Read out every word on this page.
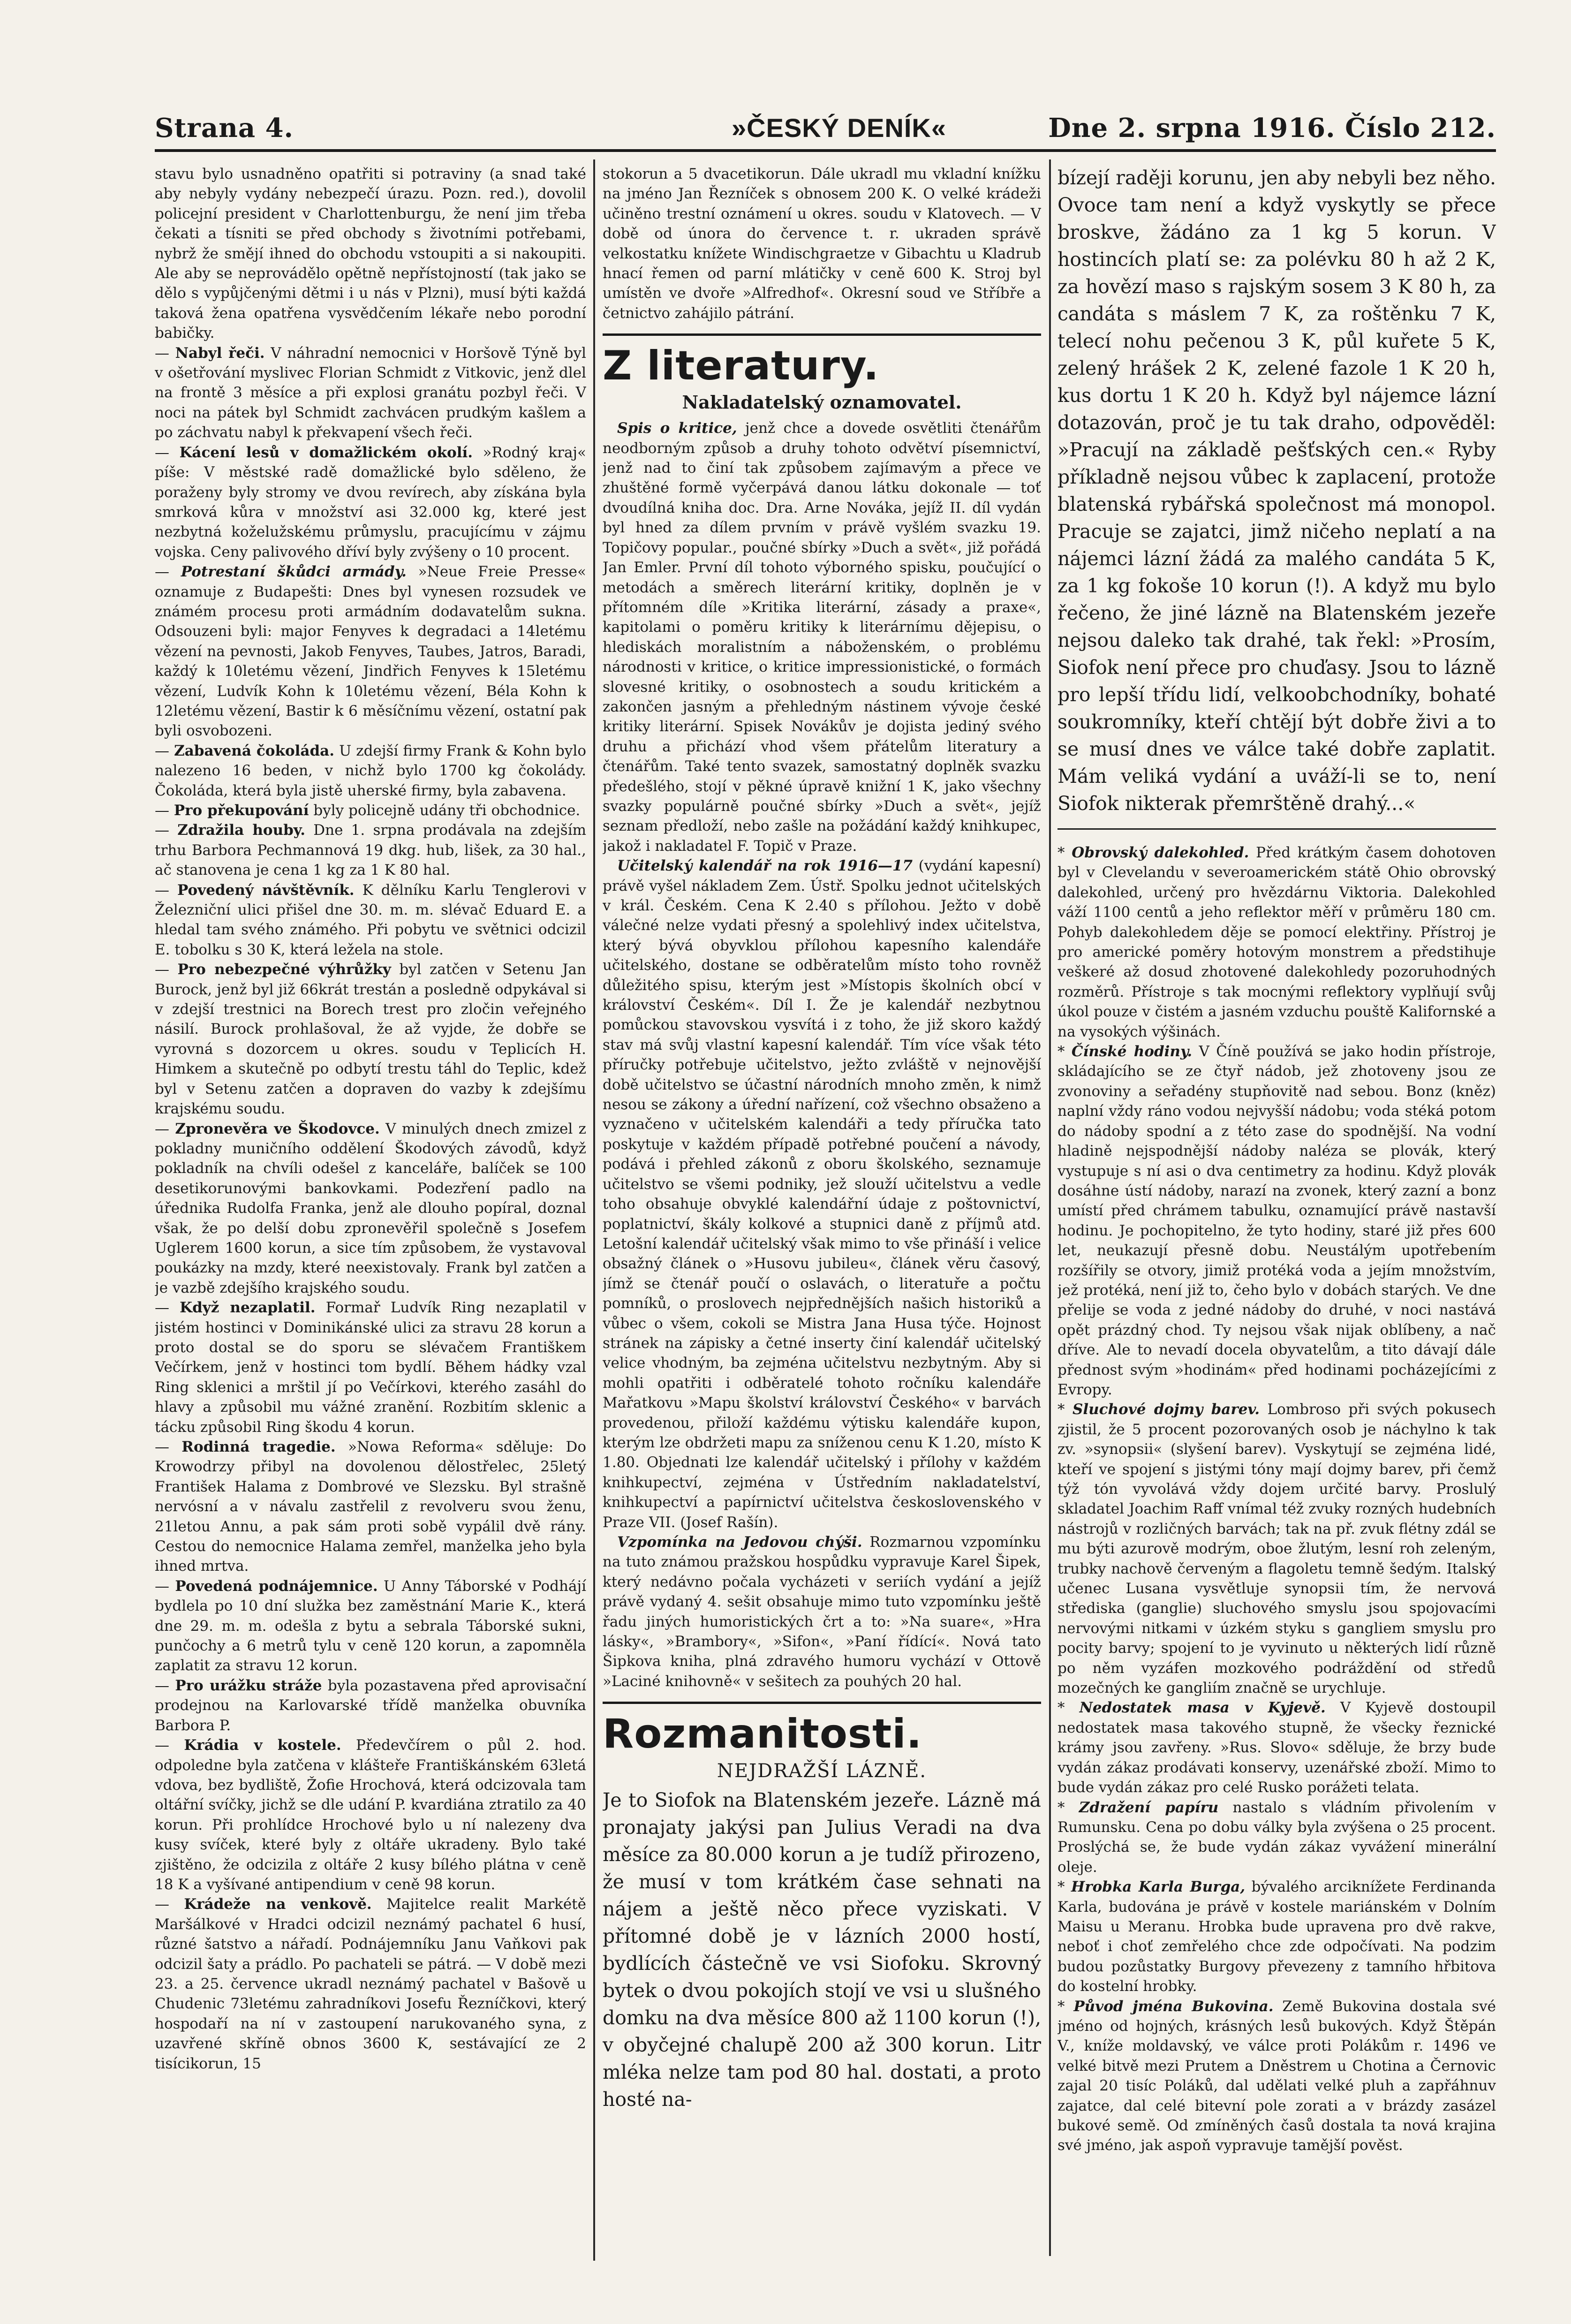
Strana 4.	»ČESKÝ DENÍK«	Dne 2. srpna 1916. Číslo 212.

stavu bylo usnadněno opatřiti si potraviny (a snad také aby nebyly vydány nebezpečí úrazu. Pozn. red.), dovolil policejní president v Charlottenburgu, že není jim třeba čekati a tísniti se před obchody s životními potřebami, nybrž že smějí ihned do obchodu vstoupiti a si nakoupiti. Ale aby se neprovádělo opětně nepřístojností (tak jako se dělo s vypůjčenými dětmi i u nás v Plzni), musí býti každá taková žena opatřena vysvědčením lékaře nebo porodní babičky.

— Nabyl řeči. V náhradní nemocnici v Horšově Týně byl v ošetřování myslivec Florian Schmidt z Vitkovic, jenž dlel na frontě 3 měsíce a při explosi granátu pozbyl řeči. V noci na pátek byl Schmidt zachvácen prudkým kašlem a po záchvatu nabyl k překvapení všech řeči.

— Kácení lesů v domažlickém okolí. »Rodný kraj« píše: V městské radě domažlické bylo sděleno, že poraženy byly stromy ve dvou revírech, aby získána byla smrková kůra v množství asi 32.000 kg, které jest nezbytná koželužskému průmyslu, pracujícímu v zájmu vojska. Ceny palivového dříví byly zvýšeny o 10 procent.

— Potrestaní škůdci armády. »Neue Freie Presse« oznamuje z Budapešti: Dnes byl vynesen rozsudek ve známém procesu proti armádním dodavatelům sukna. Odsouzeni byli: major Fenyves k degradaci a 14letému vězení na pevnosti, Jakob Fenyves, Taubes, Jatros, Baradi, každý k 10letému vězení, Jindřich Fenyves k 15letému vězení, Ludvík Kohn k 10letému vězení, Béla Kohn k 12letému vězení, Bastir k 6 měsíčnímu vězení, ostatní pak byli osvobozeni.

— Zabavená čokoláda. U zdejší firmy Frank & Kohn bylo nalezeno 16 beden, v nichž bylo 1700 kg čokolády. Čokoláda, která byla jistě uherské firmy, byla zabavena.

— Pro překupování byly policejně udány tři obchodnice.

— Zdražila houby. Dne 1. srpna prodávala na zdejším trhu Barbora Pechmannová 19 dkg. hub, lišek, za 30 hal., ač stanovena je cena 1 kg za 1 K 80 hal.

— Povedený návštěvník. K dělníku Karlu Tenglerovi v Železniční ulici přišel dne 30. m. m. slévač Eduard E. a hledal tam svého známého. Při pobytu ve světnici odcizil E. tobolku s 30 K, která ležela na stole.

— Pro nebezpečné výhrůžky byl zatčen v Setenu Jan Burock, jenž byl již 66krát trestán a posledně odpykával si v zdejší trestnici na Borech trest pro zločin veřejného násilí. Burock prohlašoval, že až vyjde, že dobře se vyrovná s dozorcem u okres. soudu v Teplicích H. Himkem a skutečně po odbytí trestu táhl do Teplic, kdež byl v Setenu zatčen a dopraven do vazby k zdejšímu krajskému soudu.

— Zpronevěra ve Škodovce. V minulých dnech zmizel z pokladny muničního oddělení Škodových závodů, když pokladník na chvíli odešel z kanceláře, balíček se 100 desetikorunovými bankovkami. Podezření padlo na úřednika Rudolfa Franka, jenž ale dlouho popíral, doznal však, že po delší dobu zpronevěřil společně s Josefem Uglerem 1600 korun, a sice tím způsobem, že vystavoval poukázky na mzdy, které neexistovaly. Frank byl zatčen a je vazbě zdejšího krajského soudu.

— Když nezaplatil. Formař Ludvík Ring nezaplatil v jistém hostinci v Dominikánské ulici za stravu 28 korun a proto dostal se do sporu se slévačem Františkem Večírkem, jenž v hostinci tom bydlí. Během hádky vzal Ring sklenici a mrštil jí po Večírkovi, kterého zasáhl do hlavy a způsobil mu vážné zranění. Rozbitím sklenic a tácku způsobil Ring škodu 4 korun.

— Rodinná tragedie. »Nowa Reforma« sděluje: Do Krowodrzy přibyl na dovolenou dělostřelec, 25letý František Halama z Dombrové ve Slezsku. Byl strašně nervósní a v návalu zastřelil z revolveru svou ženu, 21letou Annu, a pak sám proti sobě vypálil dvě rány. Cestou do nemocnice Halama zemřel, manželka jeho byla ihned mrtva.

— Povedená podnájemnice. U Anny Táborské v Podhájí bydlela po 10 dní služka bez zaměstnání Marie K., která dne 29. m. m. odešla z bytu a sebrala Táborské sukni, punčochy a 6 metrů tylu v ceně 120 korun, a zapomněla zaplatit za stravu 12 korun.

— Pro urážku stráže byla pozastavena před aprovisační prodejnou na Karlovarské třídě manželka obuvníka Barbora P.

— Krádia v kostele. Předevčírem o půl 2. hod. odpoledne byla zatčena v klášteře Františkánském 63letá vdova, bez bydliště, Žofie Hrochová, která odcizovala tam oltářní svíčky, jichž se dle udání P. kvardiána ztratilo za 40 korun. Při prohlídce Hrochové bylo u ní nalezeny dva kusy svíček, které byly z oltáře ukradeny. Bylo také zjištěno, že odcizila z oltáře 2 kusy bílého plátna v ceně 18 K a vyšívané antipendium v ceně 98 korun.

— Krádeže na venkově. Majitelce realit Markétě Maršálkové v Hradci odcizil neznámý pachatel 6 husí, různé šatstvo a nářadí. Podnájemníku Janu Vaňkovi pak odcizil šaty a prádlo. Po pachateli se pátrá. — V době mezi 23. a 25. července ukradl neznámý pachatel v Bašově u Chudenic 73letému zahradníkovi Josefu Řezníčkovi, který hospodaří na ní v zastoupení narukovaného syna, z uzavřené skříně obnos 3600 K, sestávající ze 2 tisícikorun, 15

stokorun a 5 dvacetikorun. Dále ukradl mu vkladní knížku na jméno Jan Řezníček s obnosem 200 K. O velké krádeži učiněno trestní oznámení u okres. soudu v Klatovech. — V době od února do července t. r. ukraden správě velkostatku knížete Windischgraetze v Gibachtu u Kladrub hnací řemen od parní mlátičky v ceně 600 K. Stroj byl umístěn ve dvoře »Alfredhof«. Okresní soud ve Stříbře a četnictvo zahájilo pátrání.

Z literatury.
Nakladatelský oznamovatel.

 Spis o kritice, jenž chce a dovede osvětliti čtenářům neodborným způsob a druhy tohoto odvětví písemnictví, jenž nad to činí tak způsobem zajímavým a přece ve zhuštěné formě vyčerpává danou látku dokonale — toť dvoudílná kniha doc. Dra. Arne Nováka, jejíž II. díl vydán byl hned za dílem prvním v právě vyšlém svazku 19. Topičovy popular., poučné sbírky »Duch a svět«, již pořádá Jan Emler. První díl tohoto výborného spisku, poučující o metodách a směrech literární kritiky, doplněn je v přítomném díle »Kritika literární, zásady a praxe«, kapitolami o poměru kritiky k literárnímu dějepisu, o hlediskách moralistním a náboženském, o problému národnosti v kritice, o kritice impressionistické, o formách slovesné kritiky, o osobnostech a soudu kritickém a zakončen jasným a přehledným nástinem vývoje české kritiky literární. Spisek Novákův je dojista jediný svého druhu a přichází vhod všem přátelům literatury a čtenářům. Také tento svazek, samostatný doplněk svazku předešlého, stojí v pěkné úpravě knižní 1 K, jako všechny svazky populárně poučné sbírky »Duch a svět«, jejíž seznam předloží, nebo zašle na požádání každý knihkupec, jakož i nakladatel F. Topič v Praze.

 Učitelský kalendář na rok 1916—17 (vydání kapesní) právě vyšel nákladem Zem. Ústř. Spolku jednot učitelských v král. Českém. Cena K 2.40 s přílohou. Ježto v době válečné nelze vydati přesný a spolehlivý index učitelstva, který bývá obyvklou přílohou kapesního kalendáře učitelského, dostane se odběratelům místo toho rovněž důležitého spisu, kterým jest »Místopis školních obcí v království Českém«. Díl I. Že je kalendář nezbytnou pomůckou stavovskou vysvítá i z toho, že již skoro každý stav má svůj vlastní kapesní kalendář. Tím více však této příručky potřebuje učitelstvo, ježto zvláště v nejnovější době učitelstvo se účastní národních mnoho změn, k nimž nesou se zákony a úřední nařízení, což všechno obsaženo a vyznačeno v učitelském kalendáři a tedy příručka tato poskytuje v každém případě potřebné poučení a návody, podává i přehled zákonů z oboru školského, seznamuje učitelstvo se všemi podniky, jež slouží učitelstvu a vedle toho obsahuje obvyklé kalendářní údaje z poštovnictví, poplatnictví, škály kolkové a stupnici daně z příjmů atd. Letošní kalendář učitelský však mimo to vše přináší i velice obsažný článek o »Husovu jubileu«, článek věru časový, jímž se čtenář poučí o oslavách, o literatuře a počtu pomníků, o proslovech nejpřednějších našich historiků a vůbec o všem, cokoli se Mistra Jana Husa týče. Hojnost stránek na zápisky a četné inserty činí kalendář učitelský velice vhodným, ba zejména učitelstvu nezbytným. Aby si mohli opatřiti i odběratelé tohoto ročníku kalendáře Mařatkovu »Mapu školství království Českého« v barvách provedenou, přiloží každému výtisku kalendáře kupon, kterým lze obdržeti mapu za sníženou cenu K 1.20, místo K 1.80. Objednati lze kalendář učitelský i přílohy v každém knihkupectví, zejména v Ústředním nakladatelství, knihkupectví a papírnictví učitelstva československého v Praze VII. (Josef Rašín).

 Vzpomínka na Jedovou chýši. Rozmarnou vzpomínku na tuto známou pražskou hospůdku vypravuje Karel Šipek, který nedávno počala vycházeti v seriích vydání a jejíž právě vydaný 4. sešit obsahuje mimo tuto vzpomínku ještě řadu jiných humoristických črt a to: »Na suare«, »Hra lásky«, »Brambory«, »Sifon«, »Paní řídící«. Nová tato Šipkova kniha, plná zdravého humoru vychází v Ottově »Laciné knihovně« v sešitech za pouhých 20 hal.

Rozmanitosti.
NEJDRAŽŠÍ LÁZNĚ.

Je to Siofok na Blatenském jezeře. Lázně má pronajaty jakýsi pan Julius Veradi na dva měsíce za 80.000 korun a je tudíž přirozeno, že musí v tom krátkém čase sehnati na nájem a ještě něco přece vyziskati. V přítomné době je v lázních 2000 hostí, bydlících částečně ve vsi Siofoku. Skrovný bytek o dvou pokojích stojí ve vsi u slušného domku na dva měsíce 800 až 1100 korun (!), v obyčejné chalupě 200 až 300 korun. Litr mléka nelze tam pod 80 hal. dostati, a proto hosté na-

bízejí raději korunu, jen aby nebyli bez něho. Ovoce tam není a když vyskytly se přece broskve, žádáno za 1 kg 5 korun. V hostincích platí se: za polévku 80 h až 2 K, za hovězí maso s rajským sosem 3 K 80 h, za candáta s máslem 7 K, za roštěnku 7 K, telecí nohu pečenou 3 K, půl kuřete 5 K, zelený hrášek 2 K, zelené fazole 1 K 20 h, kus dortu 1 K 20 h. Když byl nájemce lázní dotazován, proč je tu tak draho, odpověděl: »Pracují na základě pešťských cen.« Ryby příkladně nejsou vůbec k zaplacení, protože blatenská rybářská společnost má monopol. Pracuje se zajatci, jimž ničeho neplatí a na nájemci lázní žádá za malého candáta 5 K, za 1 kg fokoše 10 korun (!). A když mu bylo řečeno, že jiné lázně na Blatenském jezeře nejsou daleko tak drahé, tak řekl: »Prosím, Siofok není přece pro chuďasy. Jsou to lázně pro lepší třídu lidí, velkoobchodníky, bohaté soukromníky, kteří chtějí být dobře živi a to se musí dnes ve válce také dobře zaplatit. Mám veliká vydání a uváží-li se to, není Siofok nikterak přemrštěně drahý...«

* Obrovský dalekohled. Před krátkým časem dohotoven byl v Clevelandu v severoamerickém státě Ohio obrovský dalekohled, určený pro hvězdárnu Viktoria. Dalekohled váží 1100 centů a jeho reflektor měří v průměru 180 cm. Pohyb dalekohledem děje se pomocí elektřiny. Přístroj je pro americké poměry hotovým monstrem a předstihuje veškeré až dosud zhotovené dalekohledy pozoruhodných rozměrů. Přístroje s tak mocnými reflektory vyplňují svůj úkol pouze v čistém a jasném vzduchu pouště Kalifornské a na vysokých výšinách.

* Čínské hodiny. V Číně používá se jako hodin přístroje, skládajícího se ze čtyř nádob, jež zhotoveny jsou ze zvonoviny a seřadény stupňovitě nad sebou. Bonz (kněz) naplní vždy ráno vodou nejvyšší nádobu; voda stéká potom do nádoby spodní a z této zase do spodnější. Na vodní hladině nejspodnější nádoby naléza se plovák, který vystupuje s ní asi o dva centimetry za hodinu. Když plovák dosáhne ústí nádoby, narazí na zvonek, který zazní a bonz umístí před chrámem tabulku, oznamující právě nastavší hodinu. Je pochopitelno, že tyto hodiny, staré již přes 600 let, neukazují přesně dobu. Neustálým upotřebením rozšířily se otvory, jimiž protéká voda a jejím množstvím, jež protéká, není již to, čeho bylo v dobách starých. Ve dne přelije se voda z jedné nádoby do druhé, v noci nastává opět prázdný chod. Ty nejsou však nijak oblíbeny, a nač dříve. Ale to nevadí docela obyvatelům, a tito dávají dále přednost svým »hodinám« před hodinami pocházejícími z Evropy.

* Sluchové dojmy barev. Lombroso při svých pokusech zjistil, že 5 procent pozorovaných osob je náchylno k tak zv. »synopsii« (slyšení barev). Vyskytují se zejména lidé, kteří ve spojení s jistými tóny mají dojmy barev, při čemž týž tón vyvolává vždy dojem určité barvy. Proslulý skladatel Joachim Raff vnímal též zvuky rozných hudebních nástrojů v rozličných barvách; tak na př. zvuk flétny zdál se mu býti azurově modrým, oboe žlutým, lesní roh zeleným, trubky nachově červeným a flagoletu temně šedým. Italský učenec Lusana vysvětluje synopsii tím, že nervová střediska (ganglie) sluchového smyslu jsou spojovacími nervovými nitkami v úzkém styku s gangliem smyslu pro pocity barvy; spojení to je vyvinuto u některých lidí různě po něm vyzáfen mozkového podráždění od středů mozečných ke gangliím značně se urychluje.

* Nedostatek masa v Kyjevě. V Kyjevě dostoupil nedostatek masa takového stupně, že všecky řeznické krámy jsou zavřeny. »Rus. Slovo« sděluje, že brzy bude vydán zákaz prodávati konservy, uzenářské zboží. Mimo to bude vydán zákaz pro celé Rusko porážeti telata.

* Zdražení papíru nastalo s vládním přivolením v Rumunsku. Cena po dobu války byla zvýšena o 25 procent. Proslýchá se, že bude vydán zákaz vyvážení minerální oleje.

* Hrobka Karla Burga, bývalého arciknížete Ferdinanda Karla, budována je právě v kostele mariánském v Dolním Maisu u Meranu. Hrobka bude upravena pro dvě rakve, neboť i choť zemřelého chce zde odpočívati. Na podzim budou pozůstatky Burgovy převezeny z tamního hřbitova do kostelní hrobky.

* Původ jména Bukovina. Země Bukovina dostala své jméno od hojných, krásných lesů bukových. Když Štěpán V., kníže moldavský, ve válce proti Polákům r. 1496 ve velké bitvě mezi Prutem a Dněstrem u Chotina a Černovic zajal 20 tisíc Poláků, dal udělati velké pluh a zapřáhnuv zajatce, dal celé bitevní pole zorati a v brázdy zasázel bukové semě. Od zmíněných časů dostala ta nová krajina své jméno, jak aspoň vypravuje tamější pověst.
